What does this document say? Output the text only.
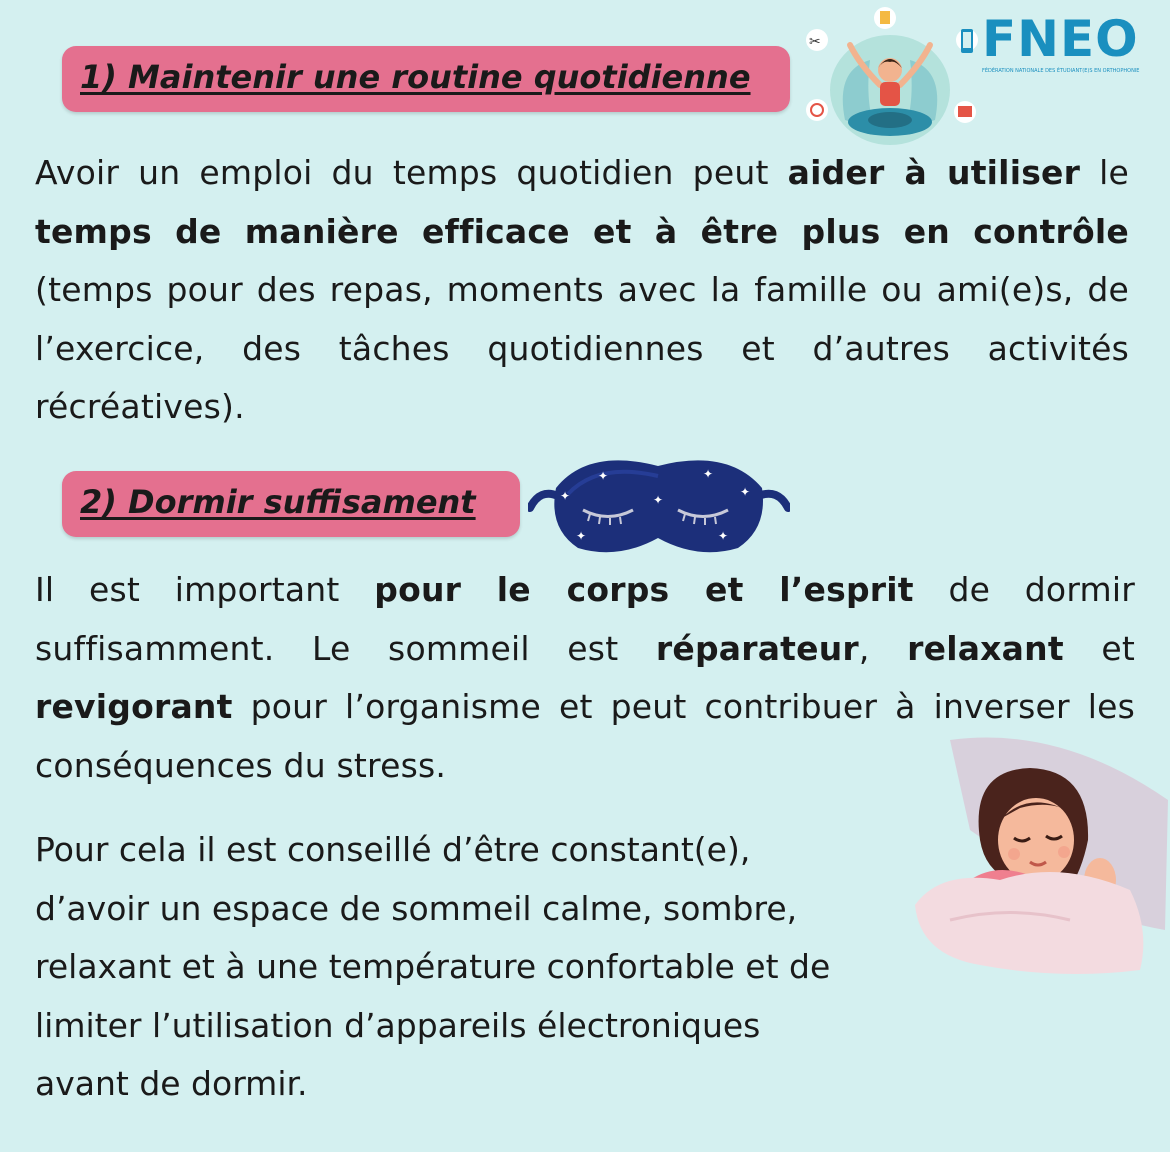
1) Maintenir une routine quotidienne
✂	FNEO
FÉDÉRATION NATIONALE DES ÉTUDIANT(E)S EN ORTHOPHONIE
Avoir un emploi du temps quotidien peut aider à utiliser le temps de manière efficace et à être plus en contrôle (temps pour des repas, moments avec la famille ou ami(e)s, de l’exercice, des tâches quotidiennes et d’autres activités récréatives).
2) Dormir suffisament
✦	✦
✦
✦	✦
✦	✦
Il est important pour le corps et l’esprit de dormir suffisamment. Le sommeil est réparateur, relaxant et revigorant pour l’organisme et peut contribuer à inverser les conséquences du stress.
Pour cela il est conseillé d’être constant(e),
d’avoir un espace de sommeil calme, sombre,
relaxant et à une température confortable et de
limiter l’utilisation d’appareils électroniques
avant de dormir.
